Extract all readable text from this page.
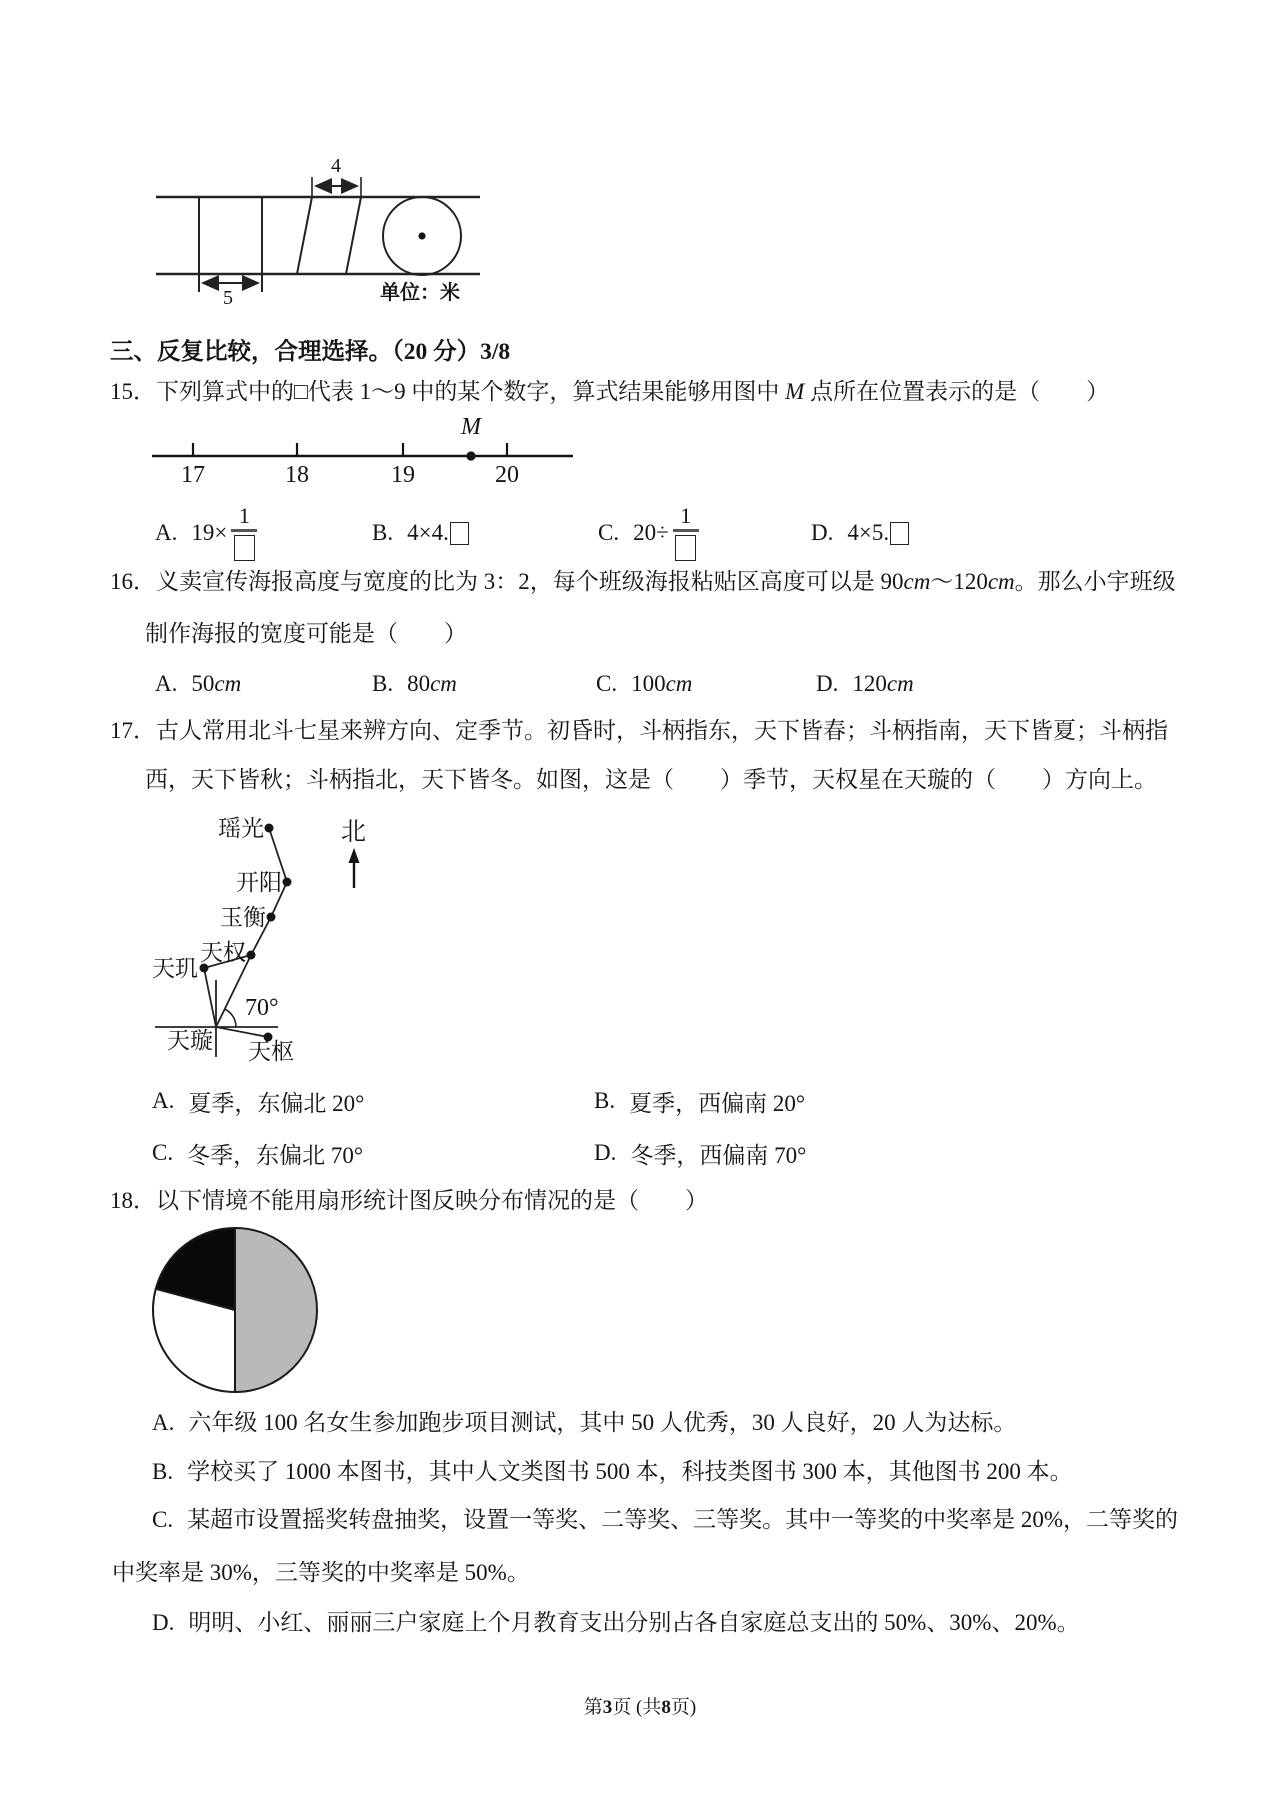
5
4
单位：米
三、反复比较，合理选择。（20 分）3/8
15．下列算式中的□代表 1～9 中的某个数字，算式结果能够用图中 M 点所在位置表示的是（　　）
17	18	19	20
M
A. 19×
1
B. 4×4.	C. 20÷
1
D. 4×5.
16．义卖宣传海报高度与宽度的比为 3：2，每个班级海报粘贴区高度可以是 90cm～120cm。那么小宇班级
制作海报的宽度可能是（　　）
A. 50 cm	B. 80 cm	C. 100 cm	D. 120 cm
17．古人常用北斗七星来辨方向、定季节。初昏时，斗柄指东，天下皆春；斗柄指南，天下皆夏；斗柄指
西，天下皆秋；斗柄指北，天下皆冬。如图，这是（　　）季节，天权星在天璇的（　　）方向上。
70°
瑶光
开阳
玉衡
天权
天玑
天璇 天枢
北
A. 夏季，东偏北 20°	B. 夏季，西偏南 20°
C. 冬季，东偏北 70°	D. 冬季，西偏南 70°
18．以下情境不能用扇形统计图反映分布情况的是（　　）
A. 六年级 100 名女生参加跑步项目测试，其中 50 人优秀，30 人良好，20 人为达标。
B. 学校买了 1000 本图书，其中人文类图书 500 本，科技类图书 300 本，其他图书 200 本。
C. 某超市设置摇奖转盘抽奖，设置一等奖、二等奖、三等奖。其中一等奖的中奖率是 20%，二等奖的
中奖率是 30%，三等奖的中奖率是 50%。
D. 明明、小红、丽丽三户家庭上个月教育支出分别占各自家庭总支出的 50%、30%、20%。
第3页 (共8页)
